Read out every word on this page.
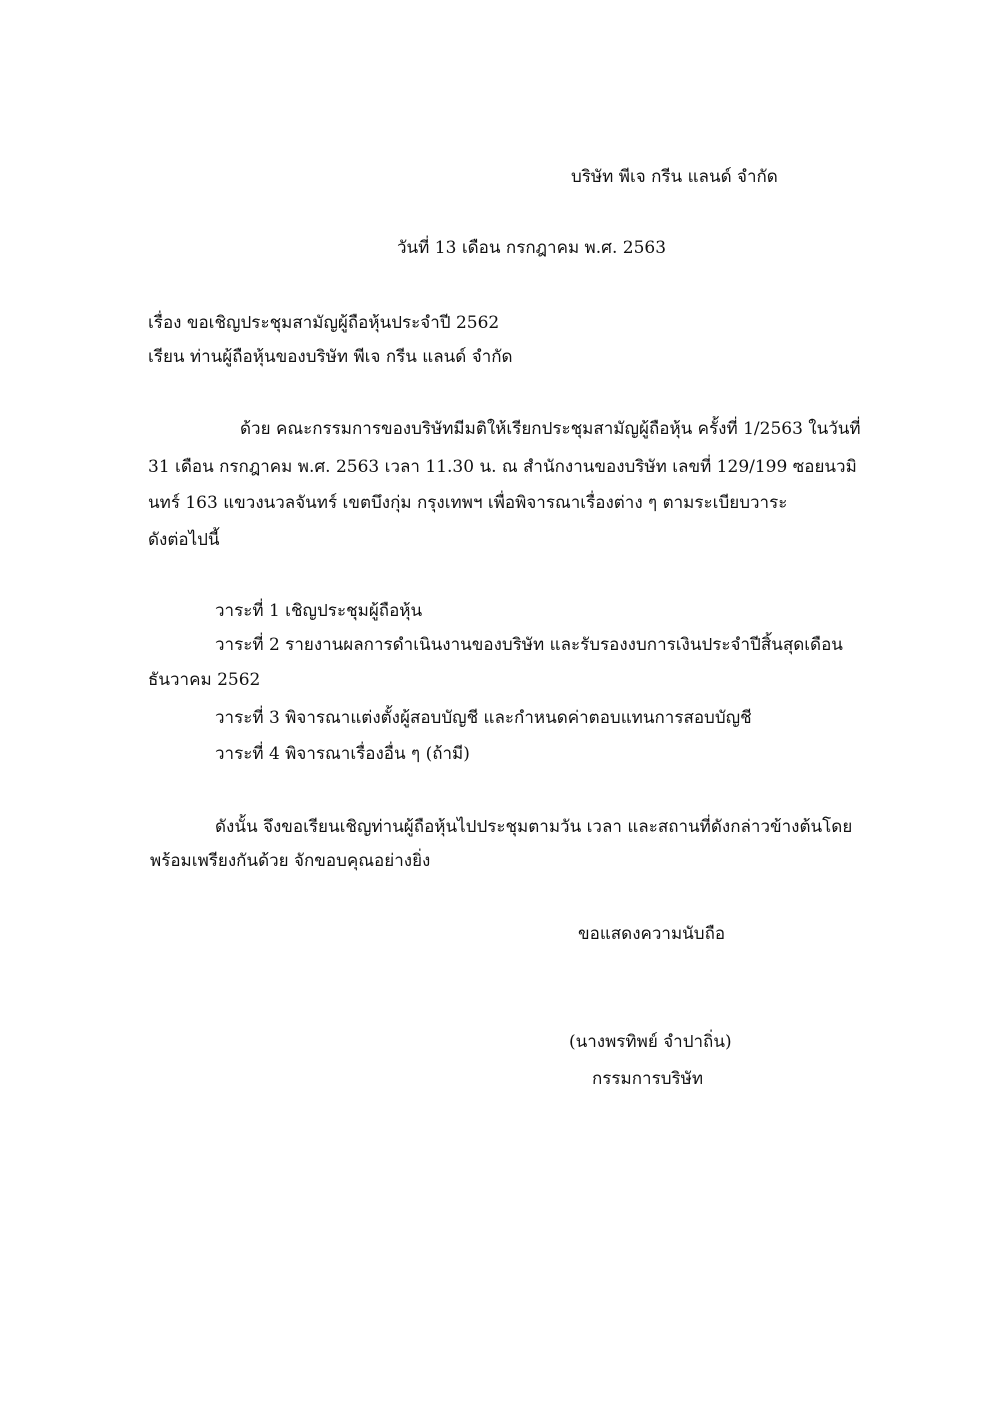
บริษัท พีเจ กรีน แลนด์ จำกัด
วันที่ 13 เดือน กรกฎาคม พ.ศ. 2563
เรื่อง ขอเชิญประชุมสามัญผู้ถือหุ้นประจำปี 2562
เรียน ท่านผู้ถือหุ้นของบริษัท พีเจ กรีน แลนด์ จำกัด
ด้วย คณะกรรมการของบริษัทมีมติให้เรียกประชุมสามัญผู้ถือหุ้น ครั้งที่ 1/2563 ในวันที่
31 เดือน กรกฎาคม พ.ศ. 2563 เวลา 11.30 น. ณ สำนักงานของบริษัท เลขที่ 129/199 ซอยนวมิ
นทร์ 163 แขวงนวลจันทร์ เขตบึงกุ่ม กรุงเทพฯ เพื่อพิจารณาเรื่องต่าง ๆ ตามระเบียบวาระ
ดังต่อไปนี้
วาระที่ 1 เชิญประชุมผู้ถือหุ้น
วาระที่ 2 รายงานผลการดำเนินงานของบริษัท และรับรองงบการเงินประจำปีสิ้นสุดเดือน
ธันวาคม 2562
วาระที่ 3 พิจารณาแต่งตั้งผู้สอบบัญชี และกำหนดค่าตอบแทนการสอบบัญชี
วาระที่ 4 พิจารณาเรื่องอื่น ๆ (ถ้ามี)
ดังนั้น จึงขอเรียนเชิญท่านผู้ถือหุ้นไปประชุมตามวัน เวลา และสถานที่ดังกล่าวข้างต้นโดย
พร้อมเพรียงกันด้วย จักขอบคุณอย่างยิ่ง
ขอแสดงความนับถือ
(นางพรทิพย์ จำปาถิ่น)
กรรมการบริษัท
